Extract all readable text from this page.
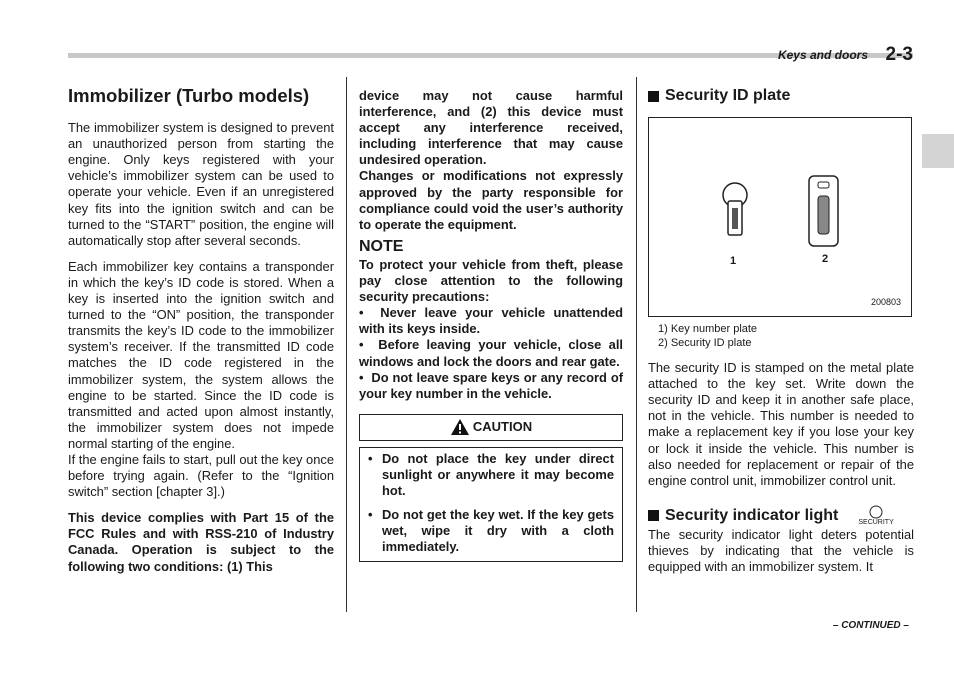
Keys and doors 2-3
Immobilizer (Turbo models)

The immobilizer system is designed to prevent an unauthorized person from starting the engine. Only keys registered with your vehicle’s immobilizer system can be used to operate your vehicle. Even if an unregistered key fits into the ignition switch and can be turned to the “START” position, the engine will automatically stop after several seconds.

Each immobilizer key contains a transponder in which the key’s ID code is stored. When a key is inserted into the ignition switch and turned to the “ON” position, the transponder transmits the key’s ID code to the immobilizer system’s receiver. If the transmitted ID code matches the ID code registered in the immobilizer system, the system allows the engine to be started. Since the ID code is transmitted and acted upon almost instantly, the immobilizer system does not impede normal starting of the engine.

If the engine fails to start, pull out the key once before trying again. (Refer to the “Ignition switch” section [chapter 3].)

This device complies with Part 15 of the FCC Rules and with RSS-210 of Industry Canada. Operation is subject to the following two conditions: (1) This

device may not cause harmful interference, and (2) this device must accept any interference received, including interference that may cause undesired operation.

Changes or modifications not expressly approved by the party responsible for compliance could void the user’s authority to operate the equipment.

NOTE

To protect your vehicle from theft, please pay close attention to the following security precautions:

•  Never leave your vehicle unattended with its keys inside.

•  Before leaving your vehicle, close all windows and lock the doors and rear gate.

•  Do not leave spare keys or any record of your key number in the vehicle.

CAUTION
• Do not place the key under direct sunlight or anywhere it may become hot.
• Do not get the key wet. If the key gets wet, wipe it dry with a cloth immediately.
Security ID plate
1	2
200803
1) Key number plate
2) Security ID plate

The security ID is stamped on the metal plate attached to the key set. Write down the security ID and keep it in another safe place, not in the vehicle. This number is needed to make a replacement key if you lose your key or lock it inside the vehicle. This number is also needed for replacement or repair of the engine control unit, immobilizer control unit.

Security indicator light	SECURITY

The security indicator light deters potential thieves by indicating that the vehicle is equipped with an immobilizer system. It

– CONTINUED –
